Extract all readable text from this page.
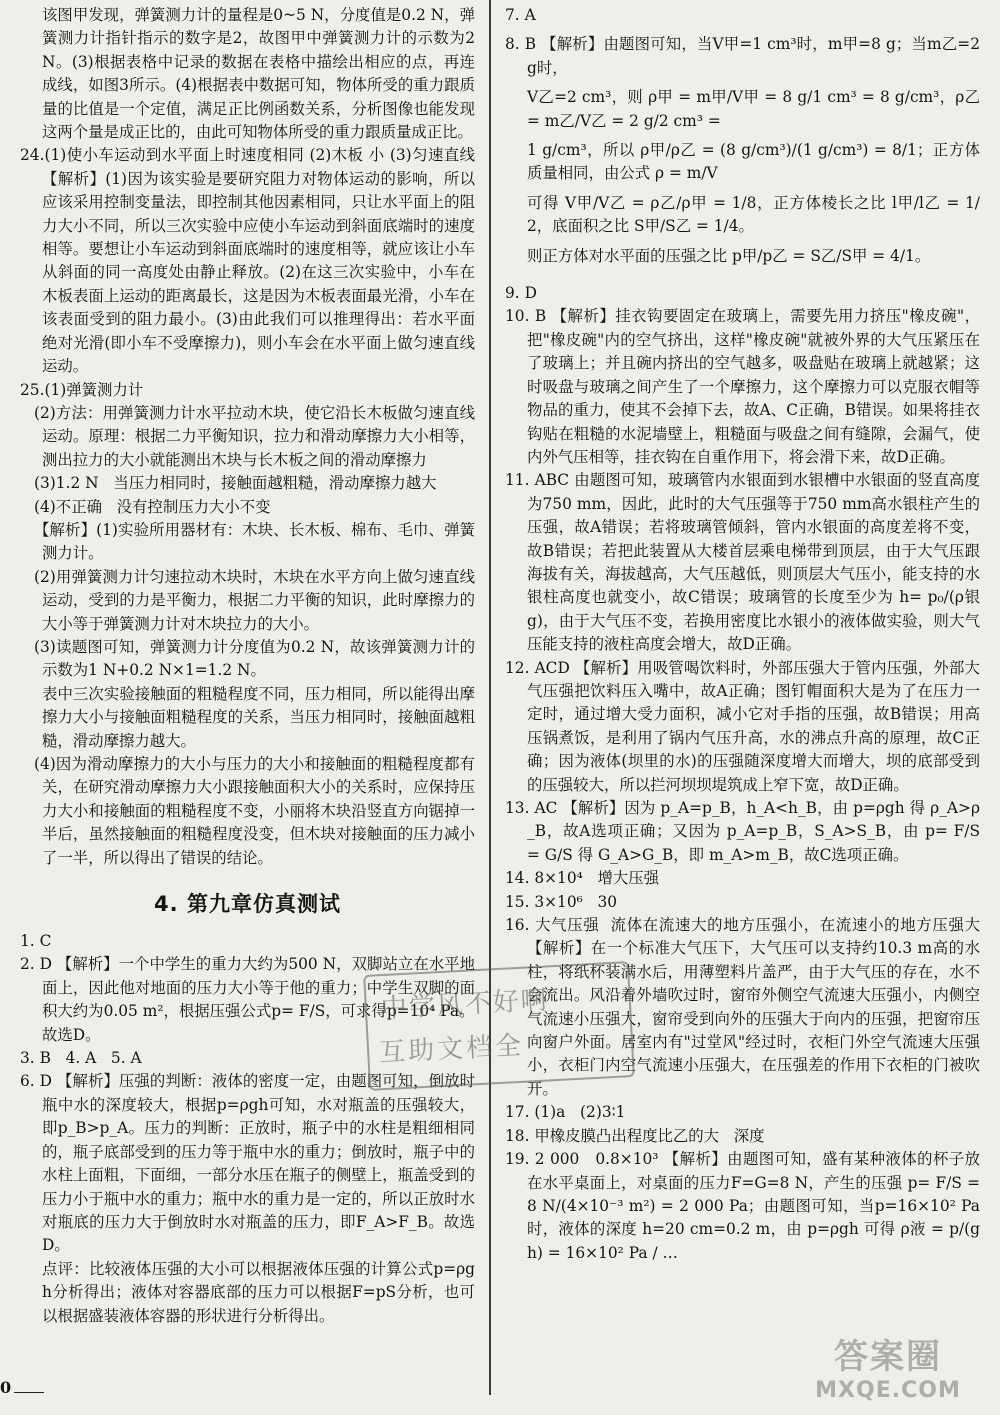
该图甲发现，弹簧测力计的量程是0~5 N，分度值是0.2 N，弹簧测力计指针指示的数字是2，故图甲中弹簧测力计的示数为2 N。(3)根据表格中记录的数据在表格中描绘出相应的点，再连成线，如图3所示。(4)根据表中数据可知，物体所受的重力跟质量的比值是一个定值，满足正比例函数关系，分析图像也能发现这两个量是成正比的，由此可知物体所受的重力跟质量成正比。

24.(1)使小车运动到水平面上时速度相同 (2)木板 小 (3)匀速直线 【解析】(1)因为该实验是要研究阻力对物体运动的影响，所以应该采用控制变量法，即控制其他因素相同，只让水平面上的阻力大小不同，所以三次实验中应使小车运动到斜面底端时的速度相等。要想让小车运动到斜面底端时的速度相等，就应该让小车从斜面的同一高度处由静止释放。(2)在这三次实验中，小车在木板表面上运动的距离最长，这是因为木板表面最光滑，小车在该表面受到的阻力最小。(3)由此我们可以推理得出：若水平面绝对光滑(即小车不受摩擦力)，则小车会在水平面上做匀速直线运动。

25.(1)弹簧测力计

(2)方法：用弹簧测力计水平拉动木块，使它沿长木板做匀速直线运动。原理：根据二力平衡知识，拉力和滑动摩擦力大小相等，测出拉力的大小就能测出木块与长木板之间的滑动摩擦力

(3)1.2 N   当压力相同时，接触面越粗糙，滑动摩擦力越大

(4)不正确   没有控制压力大小不变

【解析】(1)实验所用器材有：木块、长木板、棉布、毛巾、弹簧测力计。

(2)用弹簧测力计匀速拉动木块时，木块在水平方向上做匀速直线运动，受到的力是平衡力，根据二力平衡的知识，此时摩擦力的大小等于弹簧测力计对木块拉力的大小。

(3)读题图可知，弹簧测力计分度值为0.2 N，故该弹簧测力计的示数为1 N+0.2 N×1=1.2 N。

表中三次实验接触面的粗糙程度不同，压力相同，所以能得出摩擦力大小与接触面粗糙程度的关系，当压力相同时，接触面越粗糙，滑动摩擦力越大。

(4)因为滑动摩擦力的大小与压力的大小和接触面的粗糙程度都有关，在研究滑动摩擦力大小跟接触面积大小的关系时，应保持压力大小和接触面的粗糙程度不变，小丽将木块沿竖直方向锯掉一半后，虽然接触面的粗糙程度没变，但木块对接触面的压力减小了一半，所以得出了错误的结论。

4. 第九章仿真测试

1. C

2. D 【解析】一个中学生的重力大约为500 N，双脚站立在水平地面上，因此他对地面的压力大小等于他的重力；中学生双脚的面积大约为0.05 m²，根据压强公式p= F/S，可求得p=10⁴ Pa。

故选D。

3. B   4. A   5. A

6. D 【解析】压强的判断：液体的密度一定，由题图可知，倒放时瓶中水的深度较大，根据p=ρgh可知，水对瓶盖的压强较大，即p_B>p_A。压力的判断：正放时，瓶子中的水柱是粗细相同的，瓶子底部受到的压力等于瓶中水的重力；倒放时，瓶子中的水柱上面粗，下面细，一部分水压在瓶子的侧壁上，瓶盖受到的压力小于瓶中水的重力；瓶中水的重力是一定的，所以正放时水对瓶底的压力大于倒放时水对瓶盖的压力，即F_A>F_B。故选D。

点评：比较液体压强的大小可以根据液体压强的计算公式p=ρgh分析得出；液体对容器底部的压力可以根据F=pS分析，也可以根据盛装液体容器的形状进行分析得出。

7. A

8. B 【解析】由题图可知，当V甲=1 cm³时，m甲=8 g；当m乙=2 g时，

V乙=2 cm³，则 ρ甲 = m甲/V甲 = 8 g/1 cm³ = 8 g/cm³，ρ乙 = m乙/V乙 = 2 g/2 cm³ =

1 g/cm³，所以 ρ甲/ρ乙 = (8 g/cm³)/(1 g/cm³) = 8/1；正方体质量相同，由公式 ρ = m/V

可得 V甲/V乙 = ρ乙/ρ甲 = 1/8，正方体棱长之比 l甲/l乙 = 1/2，底面积之比 S甲/S乙 = 1/4。

则正方体对水平面的压强之比 p甲/p乙 = S乙/S甲 = 4/1。

9. D

10. B 【解析】挂衣钩要固定在玻璃上，需要先用力挤压"橡皮碗"，把"橡皮碗"内的空气挤出，这样"橡皮碗"就被外界的大气压紧压在了玻璃上；并且碗内挤出的空气越多，吸盘贴在玻璃上就越紧；这时吸盘与玻璃之间产生了一个摩擦力，这个摩擦力可以克服衣帽等物品的重力，使其不会掉下去，故A、C正确，B错误。如果将挂衣钩贴在粗糙的水泥墙壁上，粗糙面与吸盘之间有缝隙，会漏气，使内外气压相等，挂衣钩在自重作用下，将会滑下来，故D正确。

11. ABC 由题图可知，玻璃管内水银面到水银槽中水银面的竖直高度为750 mm，因此，此时的大气压强等于750 mm高水银柱产生的压强，故A错误；若将玻璃管倾斜，管内水银面的高度差将不变，故B错误；若把此装置从大楼首层乘电梯带到顶层，由于大气压跟海拔有关，海拔越高，大气压越低，则顶层大气压小，能支持的水银柱高度也就变小，故C错误；玻璃管的长度至少为 h= p₀/(ρ银g)，由于大气压不变，若换用密度比水银小的液体做实验，则大气压能支持的液柱高度会增大，故D正确。

12. ACD 【解析】用吸管喝饮料时，外部压强大于管内压强，外部大气压强把饮料压入嘴中，故A正确；图钉帽面积大是为了在压力一定时，通过增大受力面积，减小它对手指的压强，故B错误；用高压锅煮饭，是利用了锅内气压升高，水的沸点升高的原理，故C正确；因为液体(坝里的水)的压强随深度增大而增大，坝的底部受到的压强较大，所以拦河坝坝堤筑成上窄下宽，故D正确。

13. AC 【解析】因为 p_A=p_B，h_A<h_B，由 p=ρgh 得 ρ_A>ρ_B，故A选项正确；又因为 p_A=p_B，S_A>S_B，由 p= F/S = G/S 得 G_A>G_B，即 m_A>m_B，故C选项正确。

14. 8×10⁴   增大压强

15. 3×10⁶   30

16. 大气压强  流体在流速大的地方压强小，在流速小的地方压强大 【解析】在一个标准大气压下，大气压可以支持约10.3 m高的水柱，将纸杯装满水后，用薄塑料片盖严，由于大气压的存在，水不会流出。风沿着外墙吹过时，窗帘外侧空气流速大压强小，内侧空气流速小压强大，窗帘受到向外的压强大于向内的压强，把窗帘压向窗户外面。居室内有"过堂风"经过时，衣柜门外空气流速大压强小，衣柜门内空气流速小压强大，在压强差的作用下衣柜的门被吹开。

17. (1)a   (2)3∶1

18. 甲橡皮膜凸出程度比乙的大   深度

19. 2 000   0.8×10³ 【解析】由题图可知，盛有某种液体的杯子放在水平桌面上，对桌面的压力F=G=8 N，产生的压强 p= F/S = 8 N/(4×10⁻³ m²) = 2 000 Pa；由题图可知，当p=16×10² Pa时，液体的深度 h=20 cm=0.2 m，由 p=ρgh 可得 ρ液 = p/(gh) = 16×10² Pa / …

中学风不好啊
互助文档全
答案圈
MXQE.COM
0
